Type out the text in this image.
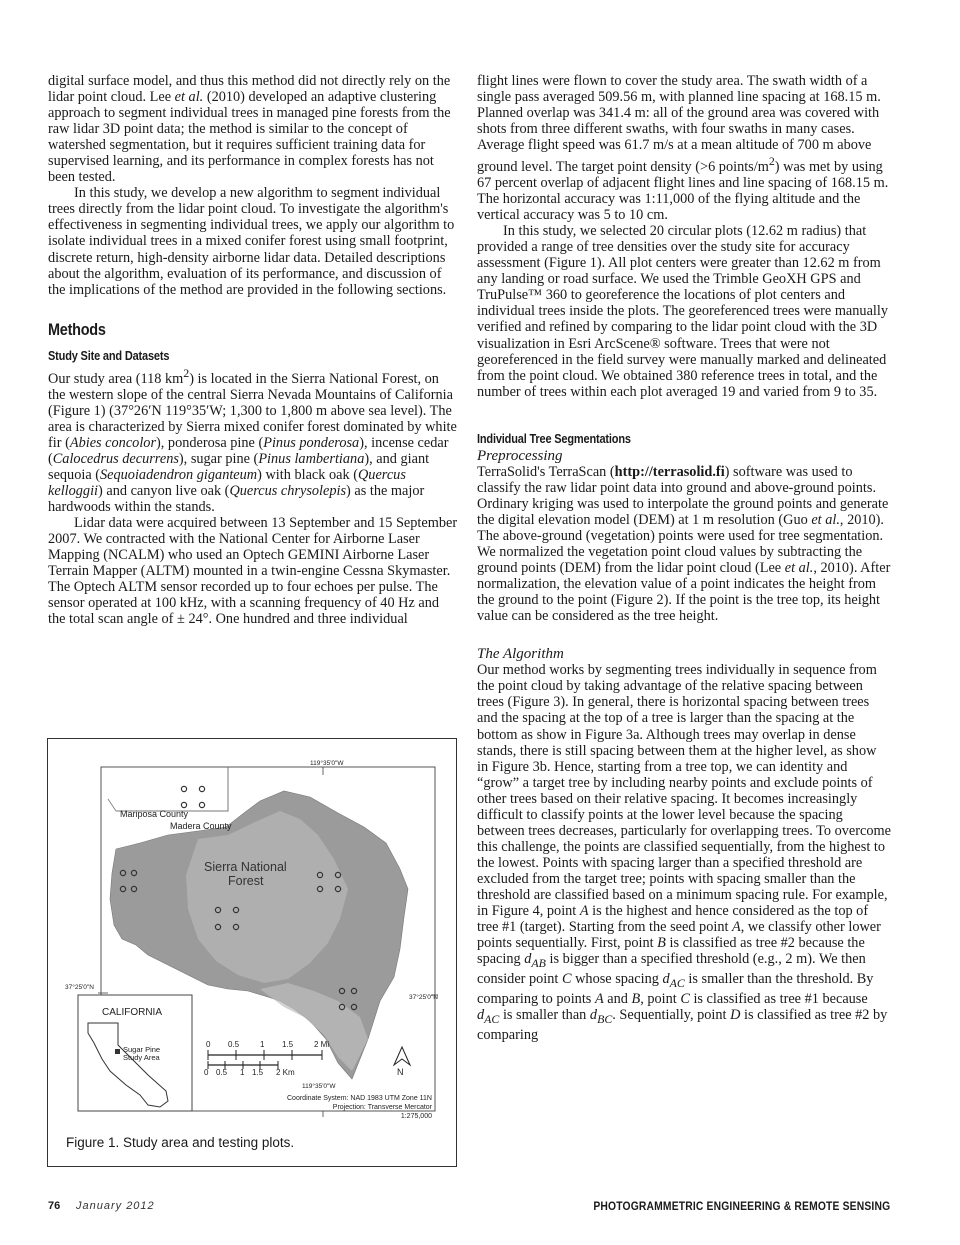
digital surface model, and thus this method did not directly rely on the lidar point cloud. Lee et al. (2010) developed an adaptive clustering approach to segment individual trees in managed pine forests from the raw lidar 3D point data; the method is similar to the concept of watershed segmentation, but it requires sufficient training data for supervised learning, and its performance in complex forests has not been tested.

In this study, we develop a new algorithm to segment individual trees directly from the lidar point cloud. To investigate the algorithm's effectiveness in segmenting individual trees, we apply our algorithm to isolate individual trees in a mixed conifer forest using small footprint, discrete return, high-density airborne lidar data. Detailed descriptions about the algorithm, evaluation of its performance, and discussion of the implications of the method are provided in the following sections.

Methods
Study Site and Datasets

Our study area (118 $km^2$) is located in the Sierra National Forest, on the western slope of the central Sierra Nevada Mountains of California (Figure 1) (37°26′N 119°35′W; 1,300 to 1,800 m above sea level). The area is characterized by Sierra mixed conifer forest dominated by white fir (Abies concolor), ponderosa pine (Pinus ponderosa), incense cedar (Calocedrus decurrens), sugar pine (Pinus lambertiana), and giant sequoia (Sequoiadendron giganteum) with black oak (Quercus kelloggii) and canyon live oak (Quercus chrysolepis) as the major hardwoods within the stands.

Lidar data were acquired between 13 September and 15 September 2007. We contracted with the National Center for Airborne Laser Mapping (NCALM) who used an Optech GEMINI Airborne Laser Terrain Mapper (ALTM) mounted in a twin-engine Cessna Skymaster. The Optech ALTM sensor recorded up to four echoes per pulse. The sensor operated at 100 kHz, with a scanning frequency of 40 Hz and the total scan angle of ± 24°. One hundred and three individual

flight lines were flown to cover the study area. The swath width of a single pass averaged 509.56 m, with planned line spacing at 168.15 m. Planned overlap was 341.4 m: all of the ground area was covered with shots from three different swaths, with four swaths in many cases. Average flight speed was 61.7 m/s at a mean altitude of 700 m above ground level. The target point density (>6 points/$m^2$) was met by using 67 percent overlap of adjacent flight lines and line spacing of 168.15 m. The horizontal accuracy was 1:11,000 of the flying altitude and the vertical accuracy was 5 to 10 cm.

In this study, we selected 20 circular plots (12.62 m radius) that provided a range of tree densities over the study site for accuracy assessment (Figure 1). All plot centers were greater than 12.62 m from any landing or road surface. We used the Trimble GeoXH GPS and TruPulse™ 360 to georeference the locations of plot centers and individual trees inside the plots. The georeferenced trees were manually verified and refined by comparing to the lidar point cloud with the 3D visualization in Esri ArcScene® software. Trees that were not georeferenced in the field survey were manually marked and delineated from the point cloud. We obtained 380 reference trees in total, and the number of trees within each plot averaged 19 and varied from 9 to 35.

Individual Tree Segmentations
Preprocessing

TerraSolid's TerraScan (http://terrasolid.fi) software was used to classify the raw lidar point data into ground and above-ground points. Ordinary kriging was used to interpolate the ground points and generate the digital elevation model (DEM) at 1 m resolution (Guo et al., 2010). The above-ground (vegetation) points were used for tree segmentation. We normalized the vegetation point cloud values by subtracting the ground points (DEM) from the lidar point cloud (Lee et al., 2010). After normalization, the elevation value of a point indicates the height from the ground to the point (Figure 2). If the point is the tree top, its height value can be considered as the tree height.

The Algorithm

Our method works by segmenting trees individually in sequence from the point cloud by taking advantage of the relative spacing between trees (Figure 3). In general, there is horizontal spacing between trees and the spacing at the top of a tree is larger than the spacing at the bottom as show in Figure 3a. Although trees may overlap in dense stands, there is still spacing between them at the higher level, as show in Figure 3b. Hence, starting from a tree top, we can identity and “grow” a target tree by including nearby points and exclude points of other trees based on their relative spacing. It becomes increasingly difficult to classify points at the lower level because the spacing between trees decreases, particularly for overlapping trees. To overcome this challenge, the points are classified sequentially, from the highest to the lowest. Points with spacing larger than a specified threshold are excluded from the target tree; points with spacing smaller than the threshold are classified based on a minimum spacing rule. For example, in Figure 4, point A is the highest and hence considered as the top of tree #1 (target). Starting from the seed point A, we classify other lower points sequentially. First, point B is classified as tree #2 because the spacing $d_{AB}$ is bigger than a specified threshold (e.g., 2 m). We then consider point C whose spacing $d_{AC}$ is smaller than the threshold. By comparing to points A and B, point C is classified as tree #1 because $d_{AC}$ is smaller than $d_{BC}$. Sequentially, point D is classified as tree #2 by comparing

119°35'0"W
Mariposa County
Madera County
Sierra National
Forest
37°25'0"N
37°25'0"N
CALIFORNIA
Sugar Pine
Study Area
0 0.5	1 1.5	2 Mi
0 0.5 1 1.5 2 Km	N
119°35'0"W
Coordinate System: NAD 1983 UTM Zone 11N
Projection: Transverse Mercator
1:275,000
Figure 1. Study area and testing plots.
76 January 2012	PHOTOGRAMMETRIC ENGINEERING & REMOTE SENSING
